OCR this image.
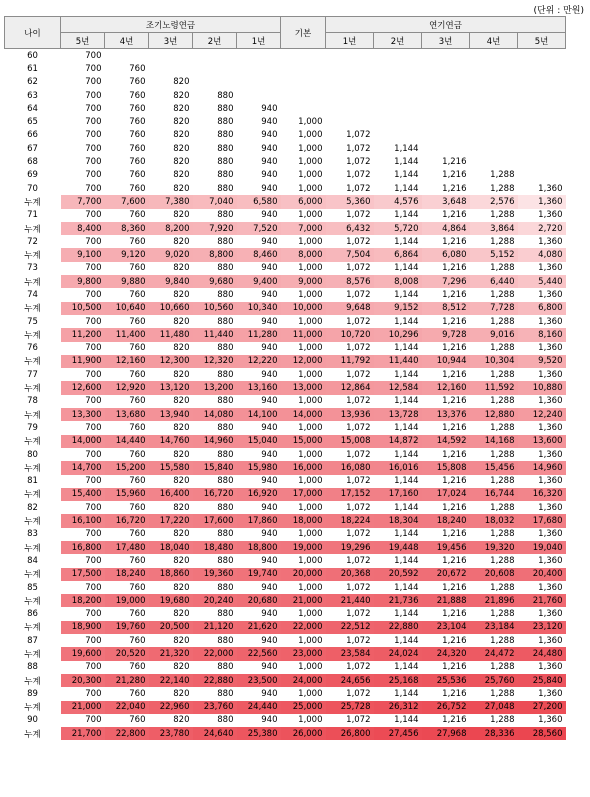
(단위 : 만원)
나이	조기노령연금					기본	연기연금				
	5년	4년	3년	2년	1년		1년	2년	3년	4년	5년
60	700										
61	700	760									
62	700	760	820								
63	700	760	820	880							
64	700	760	820	880	940						
65	700	760	820	880	940	1,000					
66	700	760	820	880	940	1,000	1,072				
67	700	760	820	880	940	1,000	1,072	1,144			
68	700	760	820	880	940	1,000	1,072	1,144	1,216		
69	700	760	820	880	940	1,000	1,072	1,144	1,216	1,288	
70	700	760	820	880	940	1,000	1,072	1,144	1,216	1,288	1,360
누계	7,700	7,600	7,380	7,040	6,580	6,000	5,360	4,576	3,648	2,576	1,360
71	700	760	820	880	940	1,000	1,072	1,144	1,216	1,288	1,360
누계	8,400	8,360	8,200	7,920	7,520	7,000	6,432	5,720	4,864	3,864	2,720
72	700	760	820	880	940	1,000	1,072	1,144	1,216	1,288	1,360
누계	9,100	9,120	9,020	8,800	8,460	8,000	7,504	6,864	6,080	5,152	4,080
73	700	760	820	880	940	1,000	1,072	1,144	1,216	1,288	1,360
누계	9,800	9,880	9,840	9,680	9,400	9,000	8,576	8,008	7,296	6,440	5,440
74	700	760	820	880	940	1,000	1,072	1,144	1,216	1,288	1,360
누계	10,500	10,640	10,660	10,560	10,340	10,000	9,648	9,152	8,512	7,728	6,800
75	700	760	820	880	940	1,000	1,072	1,144	1,216	1,288	1,360
누계	11,200	11,400	11,480	11,440	11,280	11,000	10,720	10,296	9,728	9,016	8,160
76	700	760	820	880	940	1,000	1,072	1,144	1,216	1,288	1,360
누계	11,900	12,160	12,300	12,320	12,220	12,000	11,792	11,440	10,944	10,304	9,520
77	700	760	820	880	940	1,000	1,072	1,144	1,216	1,288	1,360
누계	12,600	12,920	13,120	13,200	13,160	13,000	12,864	12,584	12,160	11,592	10,880
78	700	760	820	880	940	1,000	1,072	1,144	1,216	1,288	1,360
누계	13,300	13,680	13,940	14,080	14,100	14,000	13,936	13,728	13,376	12,880	12,240
79	700	760	820	880	940	1,000	1,072	1,144	1,216	1,288	1,360
누계	14,000	14,440	14,760	14,960	15,040	15,000	15,008	14,872	14,592	14,168	13,600
80	700	760	820	880	940	1,000	1,072	1,144	1,216	1,288	1,360
누계	14,700	15,200	15,580	15,840	15,980	16,000	16,080	16,016	15,808	15,456	14,960
81	700	760	820	880	940	1,000	1,072	1,144	1,216	1,288	1,360
누계	15,400	15,960	16,400	16,720	16,920	17,000	17,152	17,160	17,024	16,744	16,320
82	700	760	820	880	940	1,000	1,072	1,144	1,216	1,288	1,360
누계	16,100	16,720	17,220	17,600	17,860	18,000	18,224	18,304	18,240	18,032	17,680
83	700	760	820	880	940	1,000	1,072	1,144	1,216	1,288	1,360
누계	16,800	17,480	18,040	18,480	18,800	19,000	19,296	19,448	19,456	19,320	19,040
84	700	760	820	880	940	1,000	1,072	1,144	1,216	1,288	1,360
누계	17,500	18,240	18,860	19,360	19,740	20,000	20,368	20,592	20,672	20,608	20,400
85	700	760	820	880	940	1,000	1,072	1,144	1,216	1,288	1,360
누계	18,200	19,000	19,680	20,240	20,680	21,000	21,440	21,736	21,888	21,896	21,760
86	700	760	820	880	940	1,000	1,072	1,144	1,216	1,288	1,360
누계	18,900	19,760	20,500	21,120	21,620	22,000	22,512	22,880	23,104	23,184	23,120
87	700	760	820	880	940	1,000	1,072	1,144	1,216	1,288	1,360
누계	19,600	20,520	21,320	22,000	22,560	23,000	23,584	24,024	24,320	24,472	24,480
88	700	760	820	880	940	1,000	1,072	1,144	1,216	1,288	1,360
누계	20,300	21,280	22,140	22,880	23,500	24,000	24,656	25,168	25,536	25,760	25,840
89	700	760	820	880	940	1,000	1,072	1,144	1,216	1,288	1,360
누계	21,000	22,040	22,960	23,760	24,440	25,000	25,728	26,312	26,752	27,048	27,200
90	700	760	820	880	940	1,000	1,072	1,144	1,216	1,288	1,360
누계	21,700	22,800	23,780	24,640	25,380	26,000	26,800	27,456	27,968	28,336	28,560
